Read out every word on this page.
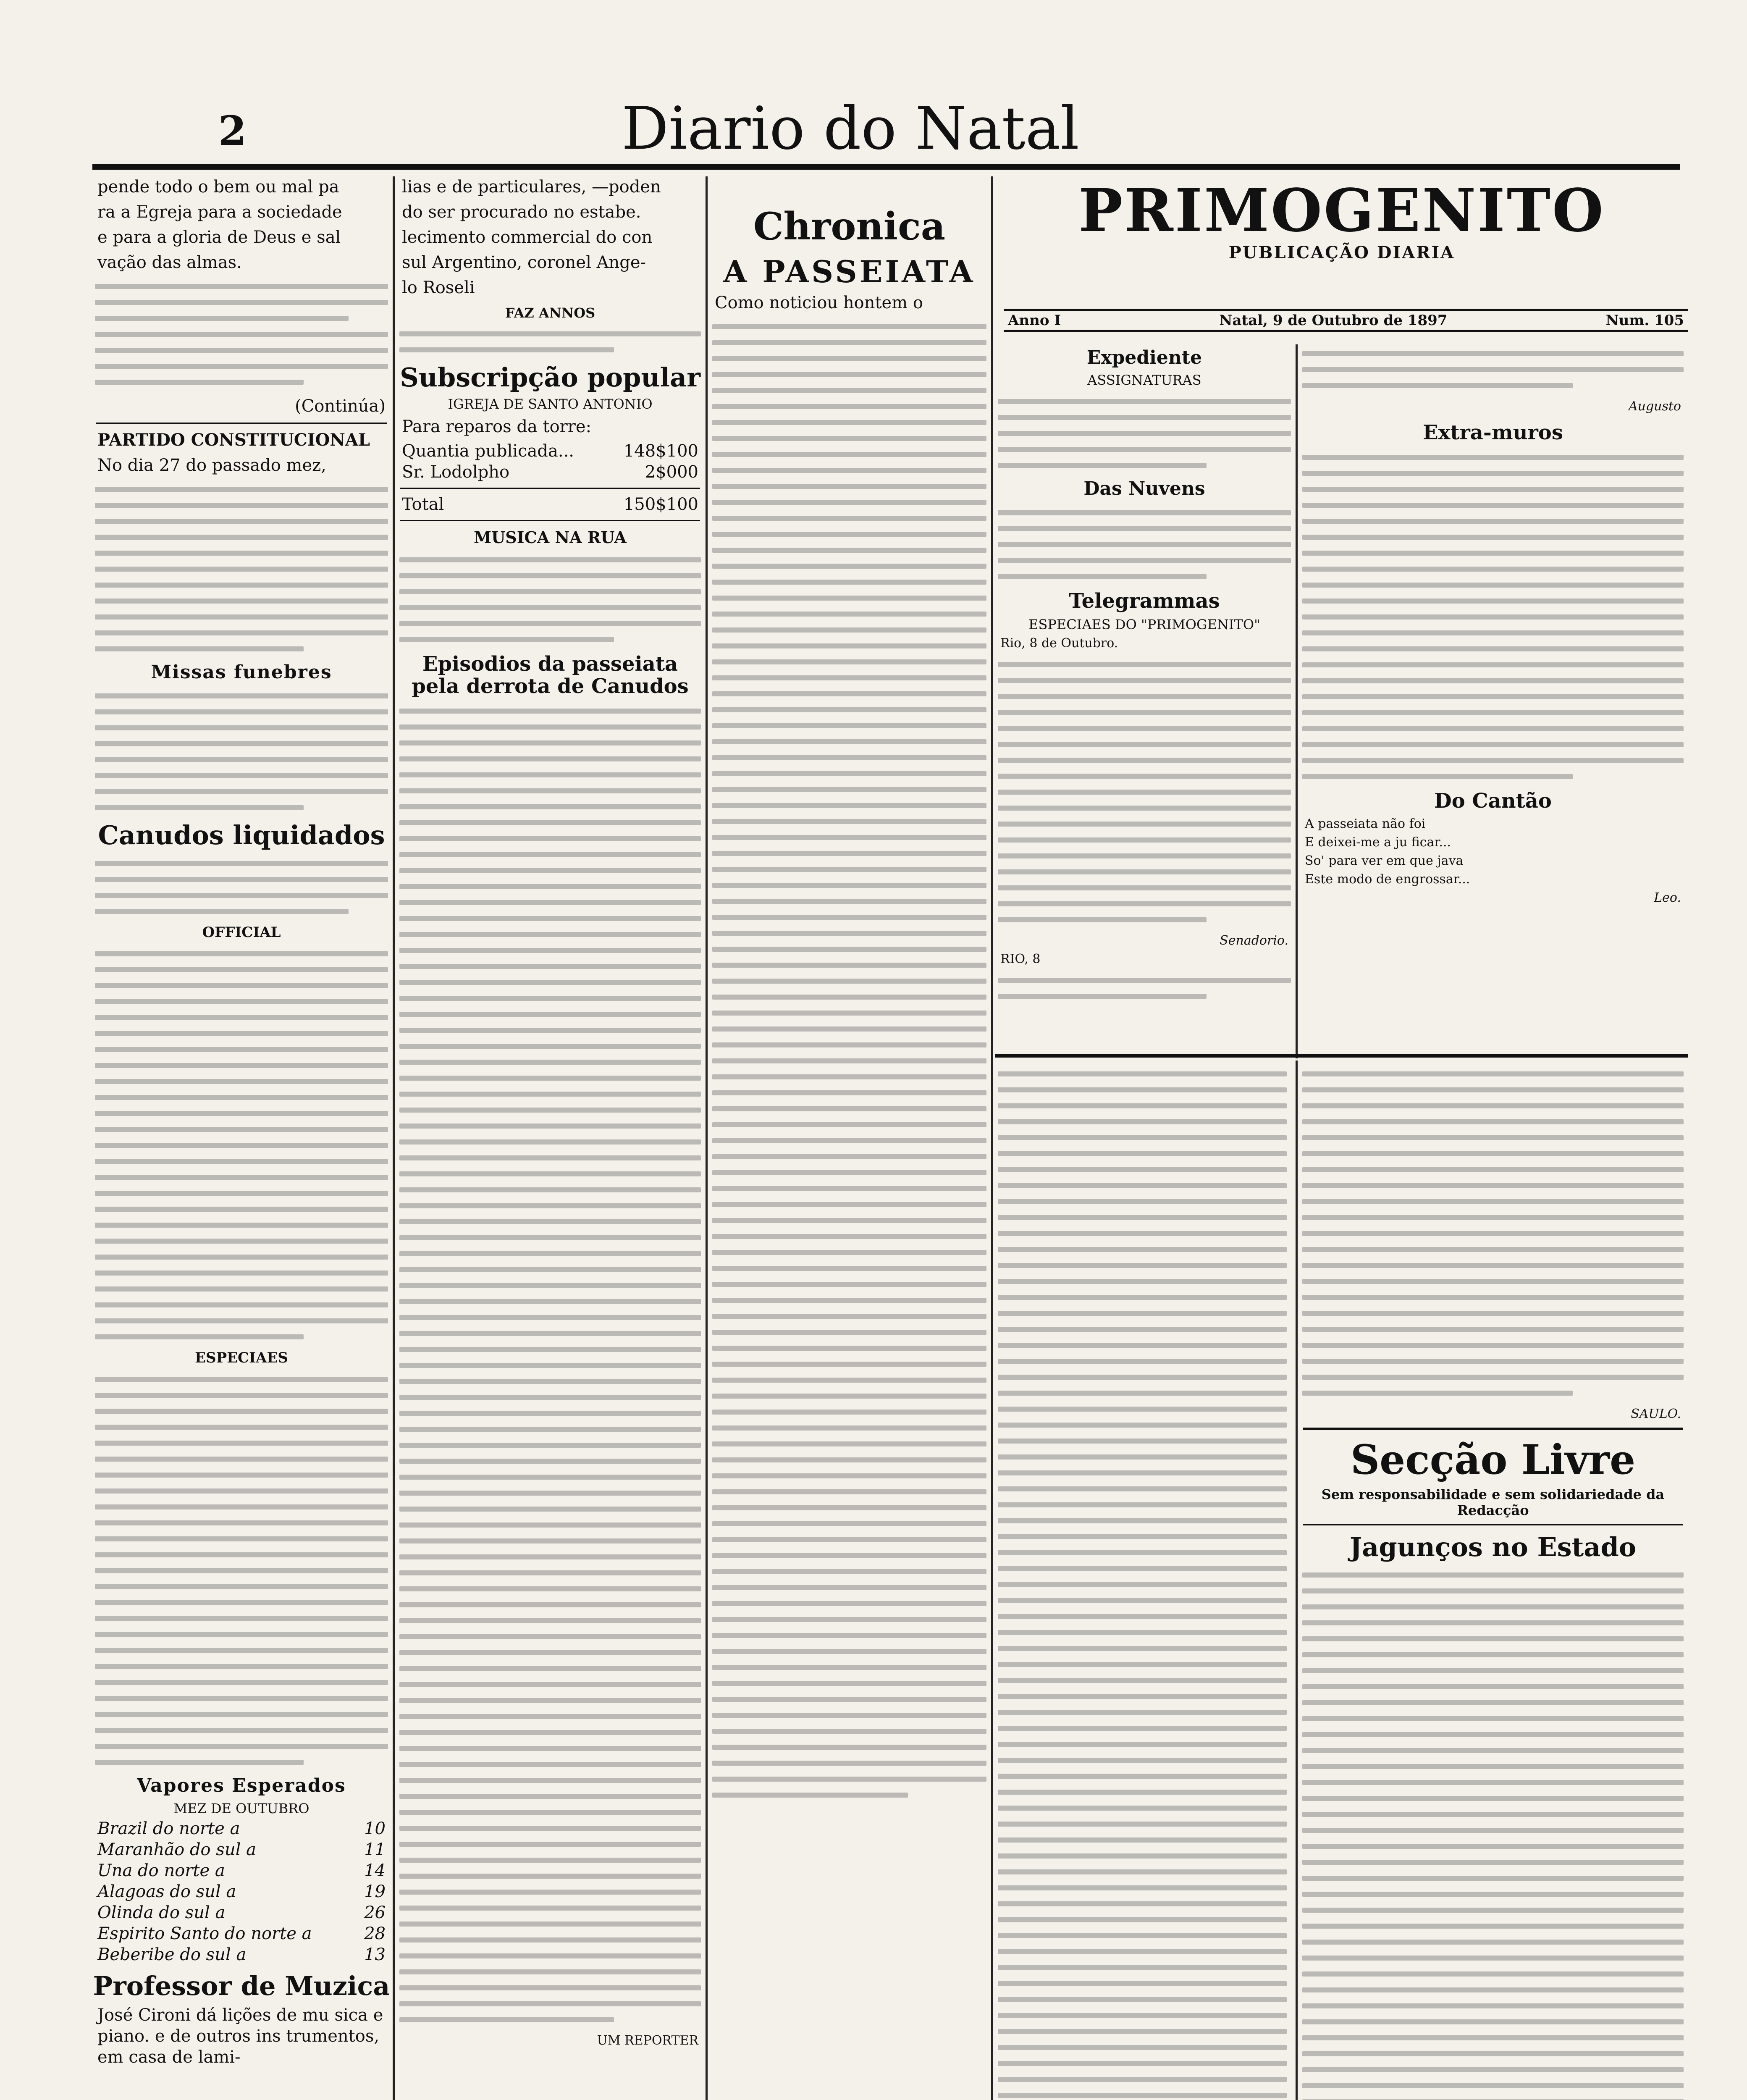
2	Diario do Natal
pende todo o bem ou mal pa
ra a Egreja para a sociedade
e para a gloria de Deus e sal
vação das almas.
(Continúa)
PARTIDO CONSTITUCIONAL
No dia 27 do passado mez,
Missas funebres
Canudos liquidados
OFFICIAL
ESPECIAES
Vapores Esperados
MEZ DE OUTUBRO
Brazil do norte a	10
Maranhão do sul a	11
Una do norte a	14
Alagoas do sul a	19
Olinda do sul a	26
Espirito Santo do norte a	28
Beberibe do sul a	13
Professor de Muzica
José Cironi dá lições de mu sica e piano. e de outros ins trumentos, em casa de lami-
lias e de particulares, —poden
do ser procurado no estabe.
lecimento commercial do con
sul Argentino, coronel Ange-
lo Roseli
FAZ ANNOS
Subscripção popular
IGREJA DE SANTO ANTONIO
Para reparos da torre:
Quantia publicada...	148$100
Sr. Lodolpho	2$000
Total	150$100
MUSICA NA RUA
Episodios da passeiata pela derrota de Canudos
UM REPORTER
Chronica
A PASSEIATA
Como noticiou hontem o
PRIMOGENITO
PUBLICAÇÃO DIARIA
Anno I	Natal, 9 de Outubro de 1897	Num. 105
Expediente
ASSIGNATURAS
Das Nuvens
Telegrammas
ESPECIAES DO "PRIMOGENITO"
Rio, 8 de Outubro.
Senadorio.
RIO, 8
Augusto
Extra-muros
Do Cantão
A passeiata não foi
E deixei-me a ju ficar...
So' para ver em que java
Este modo de engrossar...
Leo.
SAULO.
Secção Livre
Sem responsabilidade e sem solidariedade da Redacção
Jagunços no Estado
